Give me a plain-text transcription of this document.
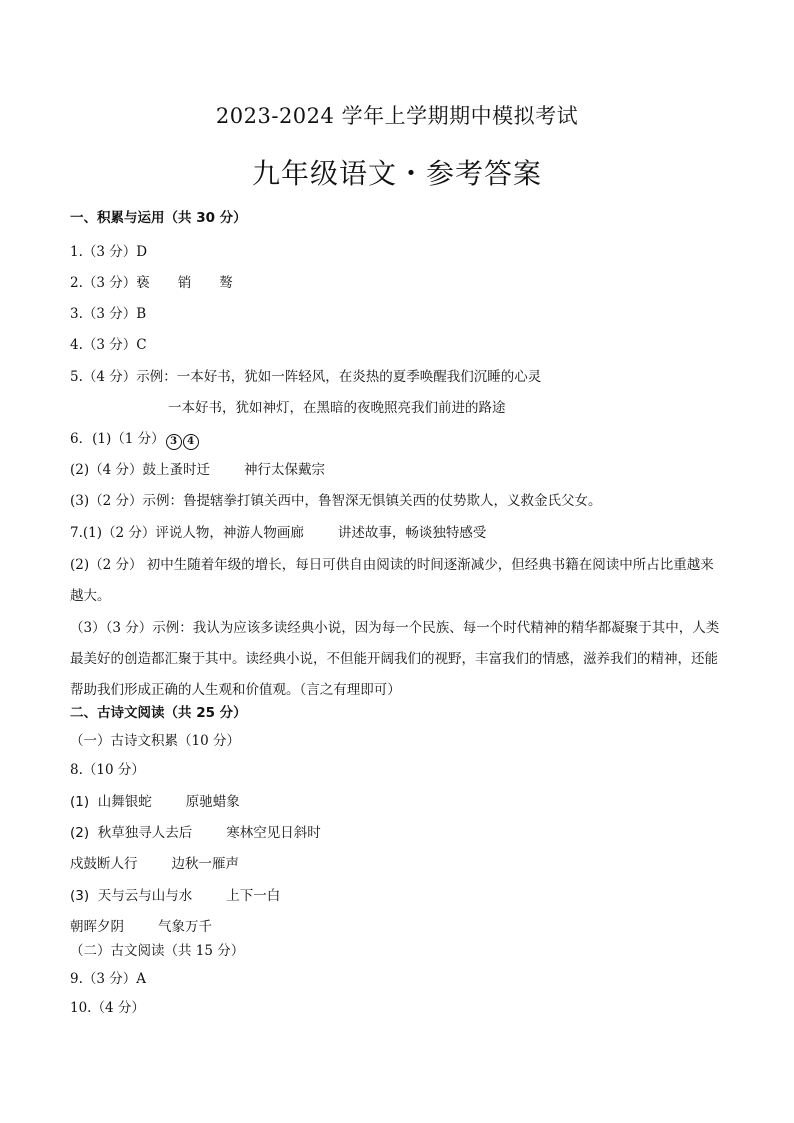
2023-2024 学年上学期期中模拟考试
九年级语文・参考答案
一、积累与运用（共 30 分）
1.（3 分）D
2.（3 分）亵 销 骜
3.（3 分）B
4.（3 分）C
5.（4 分）示例：一本好书，犹如一阵轻风，在炎热的夏季唤醒我们沉睡的心灵
一本好书，犹如神灯，在黑暗的夜晚照亮我们前进的路途
6．(1)（1 分） 3 4
(2)（4 分）鼓上蚤时迁	神行太保戴宗
(3)（2 分）示例：鲁提辖拳打镇关西中，鲁智深无惧镇关西的仗势欺人，义救金氏父女。
7.(1)（2 分）评说人物，神游人物画廊	讲述故事，畅谈独特感受
(2)（2 分） 初中生随着年级的增长，每日可供自由阅读的时间逐渐减少，但经典书籍在阅读中所占比重越来越大。
（3）（3 分）示例：我认为应该多读经典小说，因为每一个民族、每一个时代精神的精华都凝聚于其中，人类最美好的创造都汇聚于其中。读经典小说，不但能开阔我们的视野，丰富我们的情感，滋养我们的精神，还能帮助我们形成正确的人生观和价值观。（言之有理即可）
二、古诗文阅读（共 25 分）
（一）古诗文积累（10 分）
8.（10 分）
(1) 山舞银蛇	原驰蜡象
(2) 秋草独寻人去后	寒林空见日斜时
戍鼓断人行	边秋一雁声
(3) 天与云与山与水	上下一白
朝晖夕阴	气象万千
（二）古文阅读（共 15 分）
9.（3 分）A
10.（4 分）
